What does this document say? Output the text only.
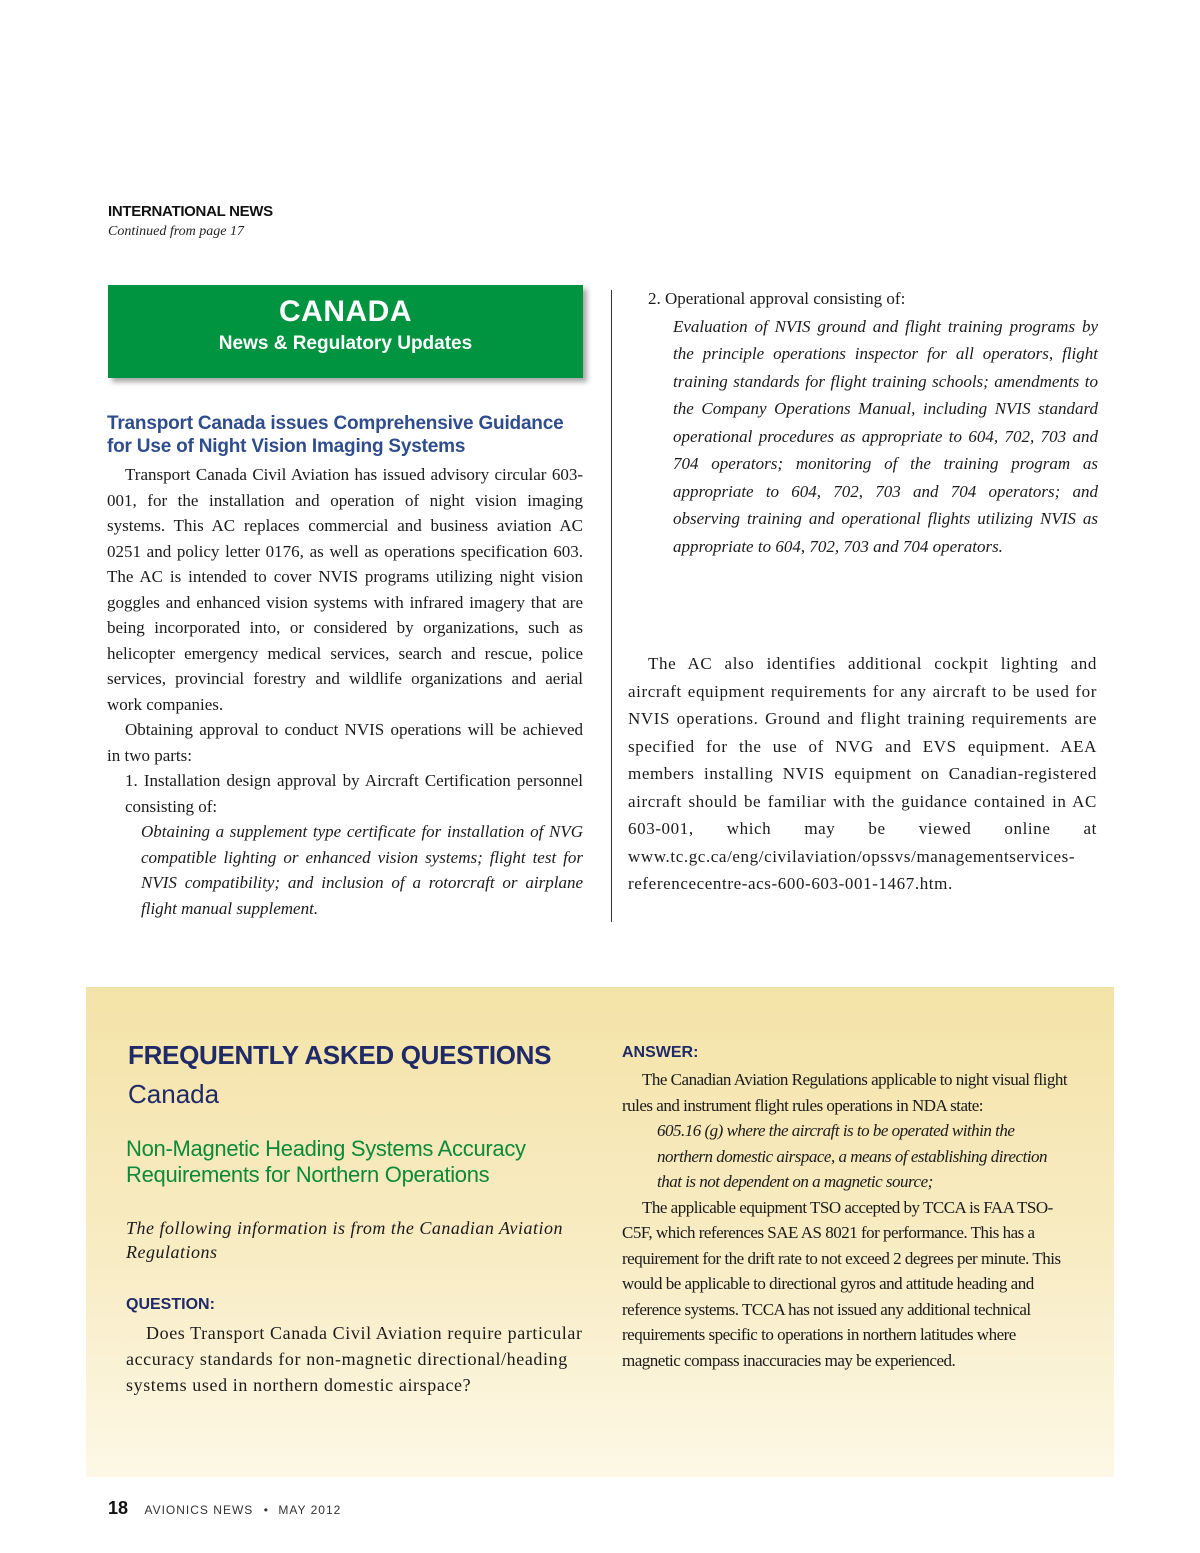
INTERNATIONAL NEWS
Continued from page 17
CANADA
News & Regulatory Updates
Transport Canada issues Comprehensive Guidance for Use of Night Vision Imaging Systems

Transport Canada Civil Aviation has issued advisory circular 603-001, for the installation and operation of night vision imaging systems. This AC replaces commercial and business aviation AC 0251 and policy letter 0176, as well as operations specification 603. The AC is intended to cover NVIS programs utilizing night vision goggles and enhanced vision systems with infrared imagery that are being incorporated into, or considered by organizations, such as helicopter emergency medical services, search and rescue, police services, provincial forestry and wildlife organizations and aerial work companies.

Obtaining approval to conduct NVIS operations will be achieved in two parts:

1. Installation design approval by Aircraft Certification personnel consisting of:

Obtaining a supplement type certificate for installation of NVG compatible lighting or enhanced vision systems; flight test for NVIS compatibility; and inclusion of a rotorcraft or airplane flight manual supplement.

2. Operational approval consisting of:

Evaluation of NVIS ground and flight training programs by the principle operations inspector for all operators, flight training standards for flight training schools; amendments to the Company Operations Manual, including NVIS standard operational procedures as appropriate to 604, 702, 703 and 704 operators; monitoring of the training program as appropriate to 604, 702, 703 and 704 operators; and observing training and operational flights utilizing NVIS as appropriate to 604, 702, 703 and 704 operators.

The AC also identifies additional cockpit lighting and aircraft equipment requirements for any aircraft to be used for NVIS operations. Ground and flight training requirements are specified for the use of NVG and EVS equipment. AEA members installing NVIS equipment on Canadian-registered aircraft should be familiar with the guidance contained in AC 603-001, which may be viewed online at www.tc.gc.ca/eng/civilaviation/opssvs/managementservices-referencecentre-acs-600-603-001-1467.htm.

FREQUENTLY ASKED QUESTIONS
Canada
Non-Magnetic Heading Systems Accuracy Requirements for Northern Operations
The following information is from the Canadian Aviation Regulations
QUESTION:

Does Transport Canada Civil Aviation require particular accuracy standards for non-magnetic directional/heading systems used in northern domestic airspace?

ANSWER:

The Canadian Aviation Regulations applicable to night visual flight rules and instrument flight rules operations in NDA state:

605.16 (g) where the aircraft is to be operated within the northern domestic airspace, a means of establishing direction that is not dependent on a magnetic source;

The applicable equipment TSO accepted by TCCA is FAA TSO-C5F, which references SAE AS 8021 for performance. This has a requirement for the drift rate to not exceed 2 degrees per minute. This would be applicable to directional gyros and attitude heading and reference systems. TCCA has not issued any additional technical requirements specific to operations in northern latitudes where magnetic compass inaccuracies may be experienced.

18 AVIONICS NEWS • MAY 2012
